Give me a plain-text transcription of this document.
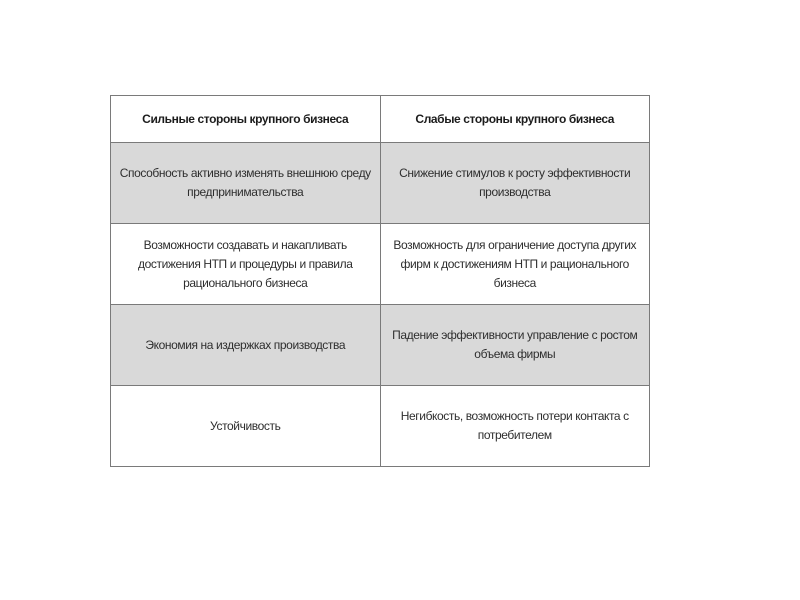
Сильные стороны крупного бизнеса	Слабые стороны крупного бизнеса
Способность активно изменять внешнюю среду предпринимательства	Снижение стимулов к росту эффективности производства
Возможности создавать и накапливать достижения НТП и процедуры и правила рационального бизнеса	Возможность для ограничение доступа других фирм к достижениям НТП и рационального бизнеса
Экономия на издержках производства	Падение эффективности управление с ростом объема фирмы
Устойчивость	Негибкость, возможность потери контакта с потребителем
